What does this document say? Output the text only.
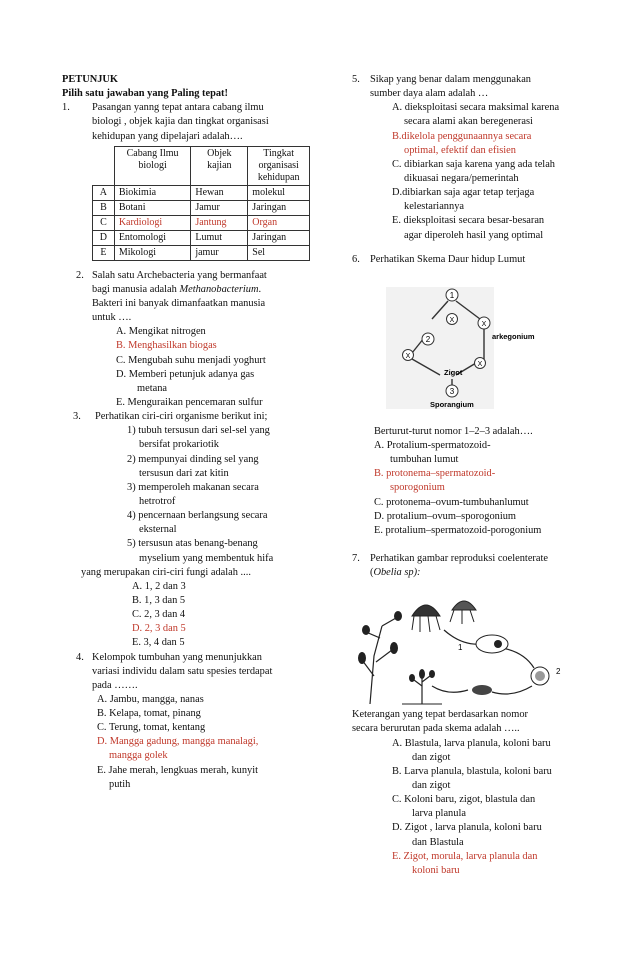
PETUNJUK

Pilih satu jawaban yang Paling tepat!

1.	Pasangan yanng tepat antara cabang ilmu
biologi , objek kajia dan tingkat organisasi
kehidupan yang dipelajari adalah….
	Cabang Ilmu biologi	Objek kajian	Tingkat organisasi kehidupan
A	Biokimia	Hewan	molekul
B	Botani	Jamur	Jaringan
C	Kardiologi	Jantung	Organ
D	Entomologi	Lumut	Jaringan
E	Mikologi	jamur	Sel
2. Salah satu Archebacteria yang bermanfaat
bagi manusia adalah Methanobacterium.
Bakteri ini banyak dimanfaatkan manusia
untuk ….
A. Mengikat nitrogen
B. Menghasilkan biogas
C. Mengubah suhu menjadi yoghurt
D. Memberi petunjuk adanya gas
metana
E. Menguraikan pencemaran sulfur
3.	Perhatikan ciri-ciri organisme berikut ini;
1) tubuh tersusun dari sel-sel yang
bersifat prokariotik
2) mempunyai dinding sel yang
tersusun dari zat kitin
3) memperoleh makanan secara
hetrotrof
4) pencernaan berlangsung secara
eksternal
5) tersusun atas benang-benang
myselium yang membentuk hifa
yang merupakan ciri-ciri fungi adalah ....
A. 1, 2 dan 3
B. 1, 3 dan 5
C. 2, 3 dan 4
D. 2, 3 dan 5
E. 3, 4 dan 5
4. Kelompok tumbuhan yang menunjukkan
variasi individu dalam satu spesies terdapat
pada …….
A. Jambu, mangga, nanas
B. Kelapa, tomat, pinang
C. Terung, tomat, kentang
D. Mangga gadung, mangga manalagi,
mangga golek
E. Jahe merah, lengkuas merah, kunyit
putih
5. Sikap yang benar dalam menggunakan
sumber daya alam adalah …
A. dieksploitasi secara maksimal karena
secara alami akan beregenerasi
B.dikelola penggunaannya secara
optimal, efektif dan efisien
C. dibiarkan saja karena yang ada telah
dikuasai negara/pemerintah
D.dibiarkan saja agar tetap terjaga
kelestariannya
E. dieksploitasi secara besar-besaran
agar diperoleh hasil yang optimal
6. Perhatikan Skema Daur hidup Lumut
1
X
2
X
X
arkegonium
X
Zigot
3
Sporangium
Berturut-turut nomor 1–2–3 adalah….
A. Protalium-spermatozoid-
tumbuhan lumut
B. protonema–spermatozoid-
sporogonium
C. protonema–ovum-tumbuhanlumut
D. protalium–ovum–sporogonium
E. protalium–spermatozoid-porogonium
7. Perhatikan gambar reproduksi coelenterate
(Obelia sp):
1
2
Keterangan yang tepat berdasarkan nomor
secara berurutan pada skema adalah …..
A. Blastula, larva planula, koloni baru
dan zigot
B. Larva planula, blastula, koloni baru
dan zigot
C. Koloni baru, zigot, blastula dan
larva planula
D. Zigot , larva planula, koloni baru
dan Blastula
E. Zigot, morula, larva planula dan
koloni baru
